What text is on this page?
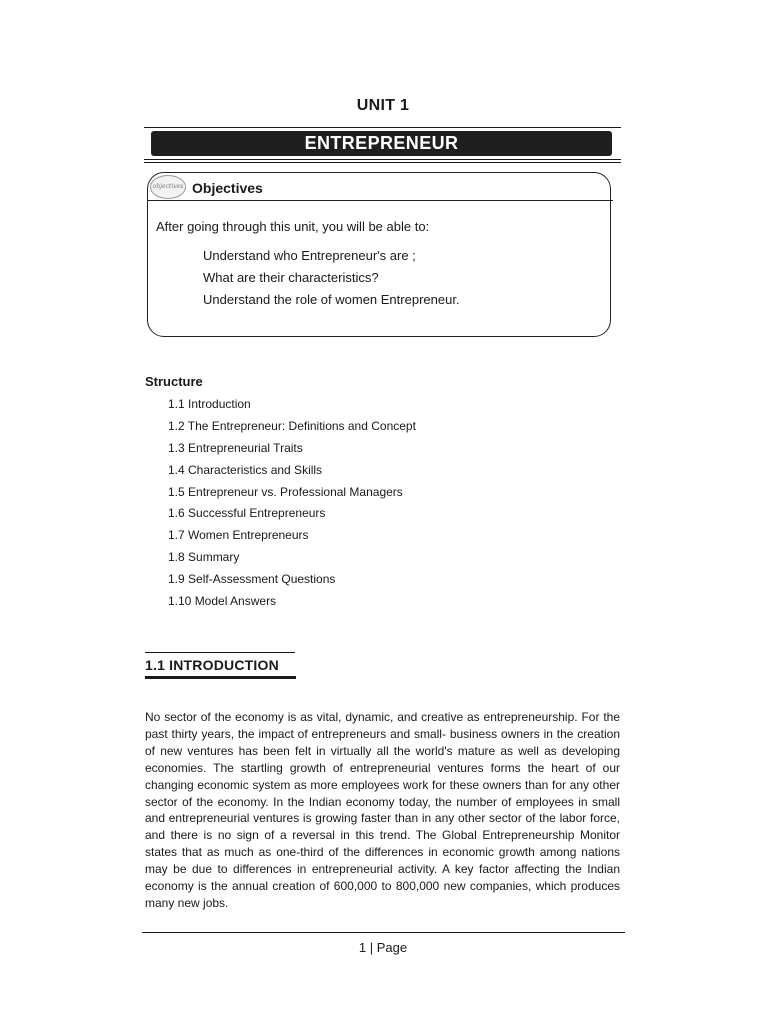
UNIT 1
ENTREPRENEUR
objectives Objectives
After going through this unit, you will be able to:
Understand who Entrepreneur's are ;
What are their characteristics?
Understand the role of women Entrepreneur.
Structure
1.1 Introduction
1.2 The Entrepreneur: Definitions and Concept
1.3 Entrepreneurial Traits
1.4 Characteristics and Skills
1.5 Entrepreneur vs. Professional Managers
1.6 Successful Entrepreneurs
1.7 Women Entrepreneurs
1.8 Summary
1.9 Self-Assessment Questions
1.10 Model Answers
1.1 INTRODUCTION

No sector of the economy is as vital, dynamic, and creative as entrepreneurship. For the past thirty years, the impact of entrepreneurs and small- business owners in the creation of new ventures has been felt in virtually all the world's mature as well as developing economies. The startling growth of entrepreneurial ventures forms the heart of our changing economic system as more employees work for these owners than for any other sector of the economy. In the Indian economy today, the number of employees in small and entrepreneurial ventures is growing faster than in any other sector of the labor force, and there is no sign of a reversal in this trend. The Global Entrepreneurship Monitor states that as much as one-third of the differences in economic growth among nations may be due to differences in entrepreneurial activity. A key factor affecting the Indian economy is the annual creation of 600,000 to 800,000 new companies, which produces many new jobs.

1 | Page
